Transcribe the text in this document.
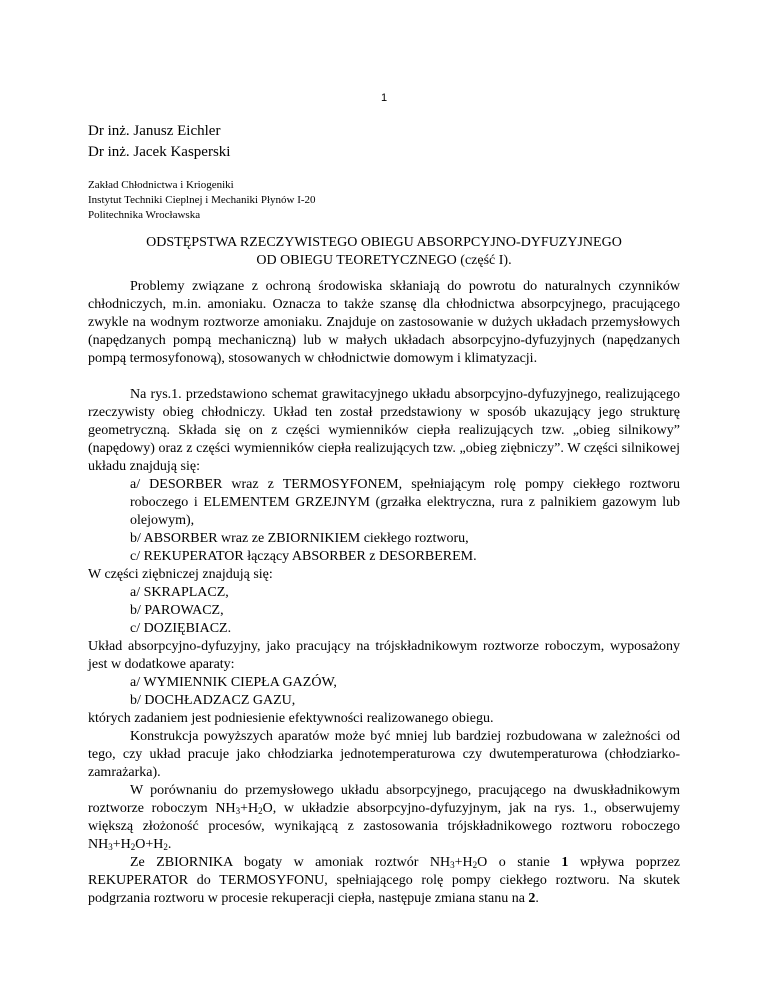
1
Dr inż. Janusz Eichler
Dr inż. Jacek Kasperski
Zakład Chłodnictwa i Kriogeniki
Instytut Techniki Cieplnej i Mechaniki Płynów I-20
Politechnika Wrocławska
ODSTĘPSTWA RZECZYWISTEGO OBIEGU ABSORPCYJNO-DYFUZYJNEGO
OD OBIEGU TEORETYCZNEGO (część I).

Problemy związane z ochroną środowiska skłaniają do powrotu do naturalnych czynników chłodniczych, m.in. amoniaku. Oznacza to także szansę dla chłodnictwa absorpcyjnego, pracującego zwykle na wodnym roztworze amoniaku. Znajduje on zastosowanie w dużych układach przemysłowych (napędzanych pompą mechaniczną) lub w małych układach absorpcyjno-dyfuzyjnych (napędzanych pompą termosyfonową), stosowanych w chłodnictwie domowym i klimatyzacji.

Na rys.1. przedstawiono schemat grawitacyjnego układu absorpcyjno-dyfuzyjnego, realizującego rzeczywisty obieg chłodniczy. Układ ten został przedstawiony w sposób ukazujący jego strukturę geometryczną. Składa się on z części wymienników ciepła realizujących tzw. „obieg silnikowy” (napędowy) oraz z części wymienników ciepła realizujących tzw. „obieg ziębniczy”. W części silnikowej układu znajdują się:

a/ DESORBER wraz z TERMOSYFONEM, spełniającym rolę pompy ciekłego roztworu roboczego i ELEMENTEM GRZEJNYM (grzałka elektryczna, rura z palnikiem gazowym lub olejowym),

b/ ABSORBER wraz ze ZBIORNIKIEM ciekłego roztworu,

c/ REKUPERATOR łączący ABSORBER z DESORBEREM.

W części ziębniczej znajdują się:

a/ SKRAPLACZ,

b/ PAROWACZ,

c/ DOZIĘBIACZ.

Układ absorpcyjno-dyfuzyjny, jako pracujący na trójskładnikowym roztworze roboczym, wyposażony jest w dodatkowe aparaty:

a/ WYMIENNIK CIEPŁA GAZÓW,

b/ DOCHŁADZACZ GAZU,

których zadaniem jest podniesienie efektywności realizowanego obiegu.

Konstrukcja powyższych aparatów może być mniej lub bardziej rozbudowana w zależności od tego, czy układ pracuje jako chłodziarka jednotemperaturowa czy dwutemperaturowa (chłodziarko-zamrażarka).

W porównaniu do przemysłowego układu absorpcyjnego, pracującego na dwuskładnikowym roztworze roboczym $NH_3+H_2O$, w układzie absorpcyjno-dyfuzyjnym, jak na rys. 1., obserwujemy większą złożoność procesów, wynikającą z zastosowania trójskładnikowego roztworu roboczego $NH_3+H_2O+H_2$.

Ze ZBIORNIKA bogaty w amoniak roztwór $NH_3+H_2O$ o stanie 1 wpływa poprzez REKUPERATOR do TERMOSYFONU, spełniającego rolę pompy ciekłego roztworu. Na skutek podgrzania roztworu w procesie rekuperacji ciepła, następuje zmiana stanu na 2.
